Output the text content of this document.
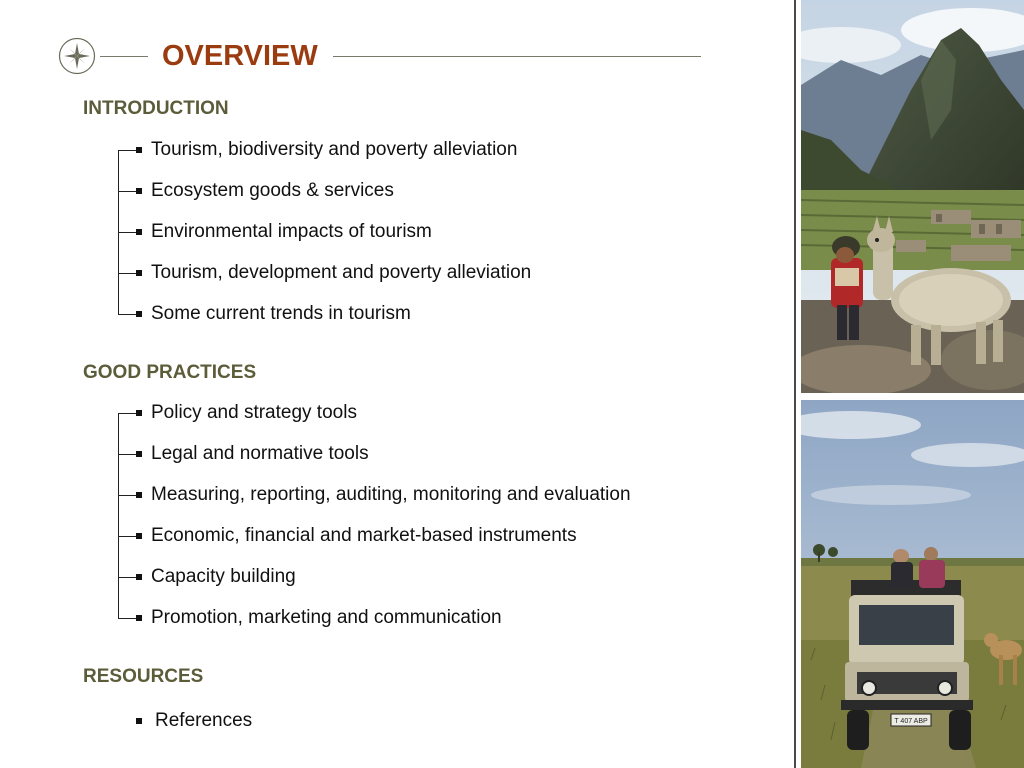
OVERVIEW
INTRODUCTION
Tourism, biodiversity and poverty alleviation
Ecosystem goods & services
Environmental impacts of tourism
Tourism, development and poverty alleviation
Some current trends in tourism
GOOD PRACTICES
Policy and strategy tools
Legal and normative tools
Measuring, reporting, auditing, monitoring and evaluation
Economic, financial and market-based instruments
Capacity building
Promotion, marketing and communication
RESOURCES
References	T 407 ABP
